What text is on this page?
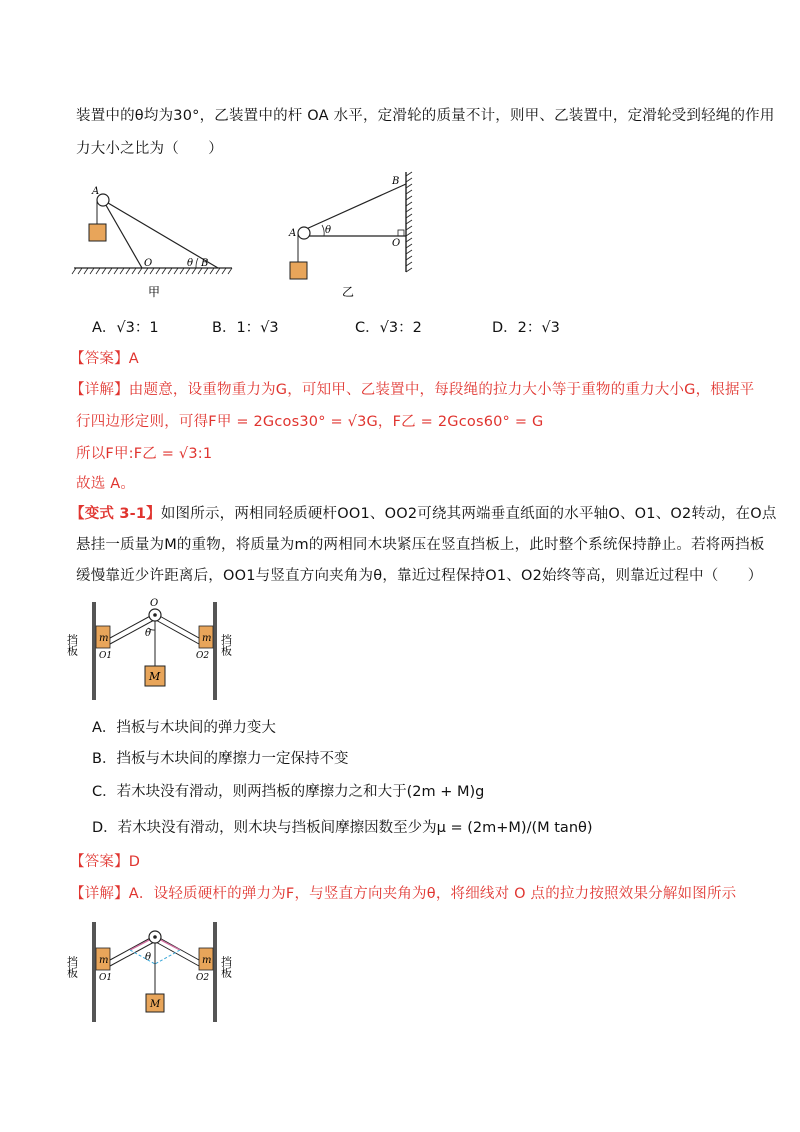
装置中的θ均为30°，乙装置中的杆 OA 水平，定滑轮的质量不计，则甲、乙装置中，定滑轮受到轻绳的作用
力大小之比为（　　）
A
O	θ B
甲
A	θ
B
O
乙
A．√3：1	B．1：√3	C．√3：2	D．2：√3
【答案】A
【详解】由题意，设重物重力为G，可知甲、乙装置中，每段绳的拉力大小等于重物的重力大小G，根据平
行四边形定则，可得F甲 = 2Gcos30° = √3G，F乙 = 2Gcos60° = G
所以F甲:F乙 = √3:1
故选 A。
【变式 3-1】如图所示，两相同轻质硬杆OO1、OO2可绕其两端垂直纸面的水平轴O、O1、O2转动，在O点
悬挂一质量为M的重物，将质量为m的两相同木块紧压在竖直挡板上，此时整个系统保持静止。若将两挡板
缓慢靠近少许距离后，OO1与竖直方向夹角为θ，靠近过程保持O1、O2始终等高，则靠近过程中（　　）
O
θ
m	m
M
O1	O2
挡板	挡板
A．挡板与木块间的弹力变大
B．挡板与木块间的摩擦力一定保持不变
C．若木块没有滑动，则两挡板的摩擦力之和大于(2m + M)g
D．若木块没有滑动，则木块与挡板间摩擦因数至少为μ = (2m+M)/(M tanθ)
【答案】D
【详解】A．设轻质硬杆的弹力为F，与竖直方向夹角为θ，将细线对 O 点的拉力按照效果分解如图所示
θ
m	m
M
O1	O2
挡板	挡板
